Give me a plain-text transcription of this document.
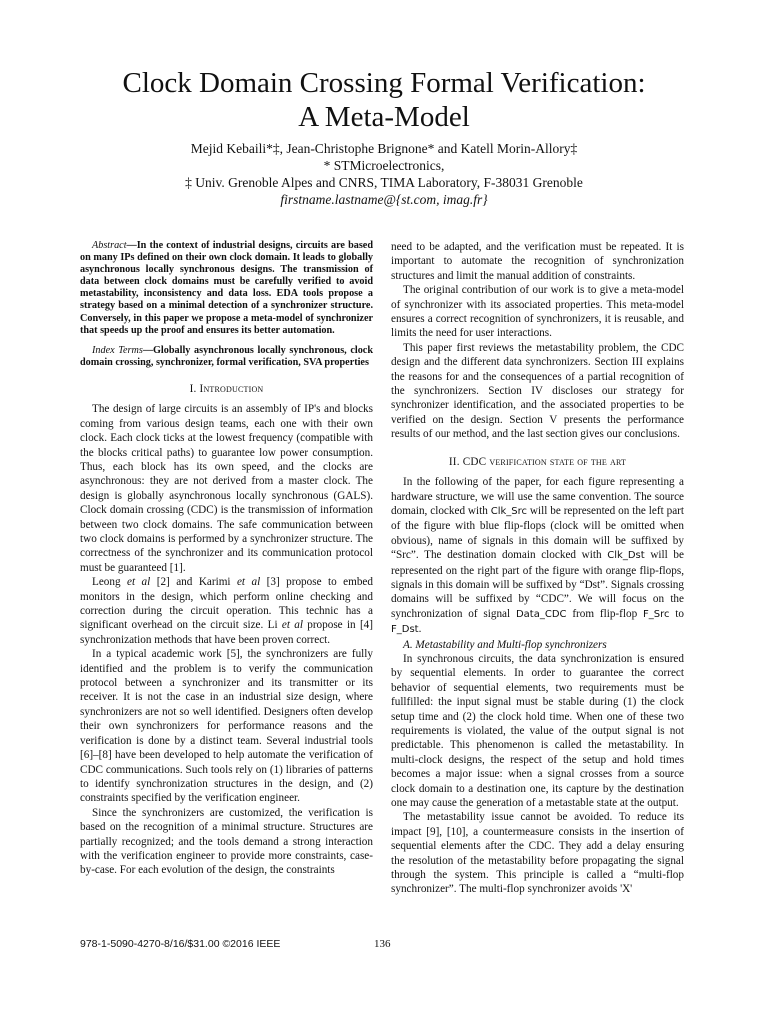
Clock Domain Crossing Formal Verification:
A Meta-Model
Mejid Kebaili*‡, Jean-Christophe Brignone* and Katell Morin-Allory‡
* STMicroelectronics,
‡ Univ. Grenoble Alpes and CNRS, TIMA Laboratory, F-38031 Grenoble
firstname.lastname@{st.com, imag.fr}
Abstract—In the context of industrial designs, circuits are based on many IPs defined on their own clock domain. It leads to globally asynchronous locally synchronous designs. The transmission of data between clock domains must be carefully verified to avoid metastability, inconsistency and data loss. EDA tools propose a strategy based on a minimal detection of a synchronizer structure. Conversely, in this paper we propose a meta-model of synchronizer that speeds up the proof and ensures its better automation.
Index Terms—Globally asynchronous locally synchronous, clock domain crossing, synchronizer, formal verification, SVA properties
I. Introduction

The design of large circuits is an assembly of IP's and blocks coming from various design teams, each one with their own clock. Each clock ticks at the lowest frequency (compatible with the blocks critical paths) to guarantee low power consumption. Thus, each block has its own speed, and the clocks are asynchronous: they are not derived from a master clock. The design is globally asynchronous locally synchronous (GALS). Clock domain crossing (CDC) is the transmission of information between two clock domains. The safe communication between two clock domains is performed by a synchronizer structure. The correctness of the synchronizer and its communication protocol must be guaranteed [1].

Leong et al [2] and Karimi et al [3] propose to embed monitors in the design, which perform online checking and correction during the circuit operation. This technic has a significant overhead on the circuit size. Li et al propose in [4] synchronization methods that have been proven correct.

In a typical academic work [5], the synchronizers are fully identified and the problem is to verify the communication protocol between a synchronizer and its transmitter or its receiver. It is not the case in an industrial size design, where synchronizers are not so well identified. Designers often develop their own synchronizers for performance reasons and the verification is done by a distinct team. Several industrial tools [6]–[8] have been developed to help automate the verification of CDC communications. Such tools rely on (1) libraries of patterns to identify synchronization structures in the design, and (2) constraints specified by the verification engineer.

Since the synchronizers are customized, the verification is based on the recognition of a minimal structure. Structures are partially recognized; and the tools demand a strong interaction with the verification engineer to provide more constraints, case-by-case. For each evolution of the design, the constraints

need to be adapted, and the verification must be repeated. It is important to automate the recognition of synchronization structures and limit the manual addition of constraints.

The original contribution of our work is to give a meta-model of synchronizer with its associated properties. This meta-model ensures a correct recognition of synchronizers, it is reusable, and limits the need for user interactions.

This paper first reviews the metastability problem, the CDC design and the different data synchronizers. Section III explains the reasons for and the consequences of a partial recognition of the synchronizers. Section IV discloses our strategy for synchronizer identification, and the associated properties to be verified on the design. Section V presents the performance results of our method, and the last section gives our conclusions.

II. CDC verification state of the art

In the following of the paper, for each figure representing a hardware structure, we will use the same convention. The source domain, clocked with Clk_Src will be represented on the left part of the figure with blue flip-flops (clock will be omitted when obvious), name of signals in this domain will be suffixed by “Src”. The destination domain clocked with Clk_Dst will be represented on the right part of the figure with orange flip-flops, signals in this domain will be suffixed by “Dst”. Signals crossing domains will be suffixed by “CDC”. We will focus on the synchronization of signal Data_CDC from flip-flop F_Src to F_Dst.

A. Metastability and Multi-flop synchronizers

In synchronous circuits, the data synchronization is ensured by sequential elements. In order to guarantee the correct behavior of sequential elements, two requirements must be fullfilled: the input signal must be stable during (1) the clock setup time and (2) the clock hold time. When one of these two requirements is violated, the value of the output signal is not predictable. This phenomenon is called the metastability. In multi-clock designs, the respect of the setup and hold times becomes a major issue: when a signal crosses from a source clock domain to a destination one, its capture by the destination one may cause the generation of a metastable state at the output.

The metastability issue cannot be avoided. To reduce its impact [9], [10], a countermeasure consists in the insertion of sequential elements after the CDC. They add a delay ensuring the resolution of the metastability before propagating the signal through the system. This principle is called a “multi-flop synchronizer”. The multi-flop synchronizer avoids 'X'

978-1-5090-4270-8/16/$31.00 ©2016 IEEE	136
